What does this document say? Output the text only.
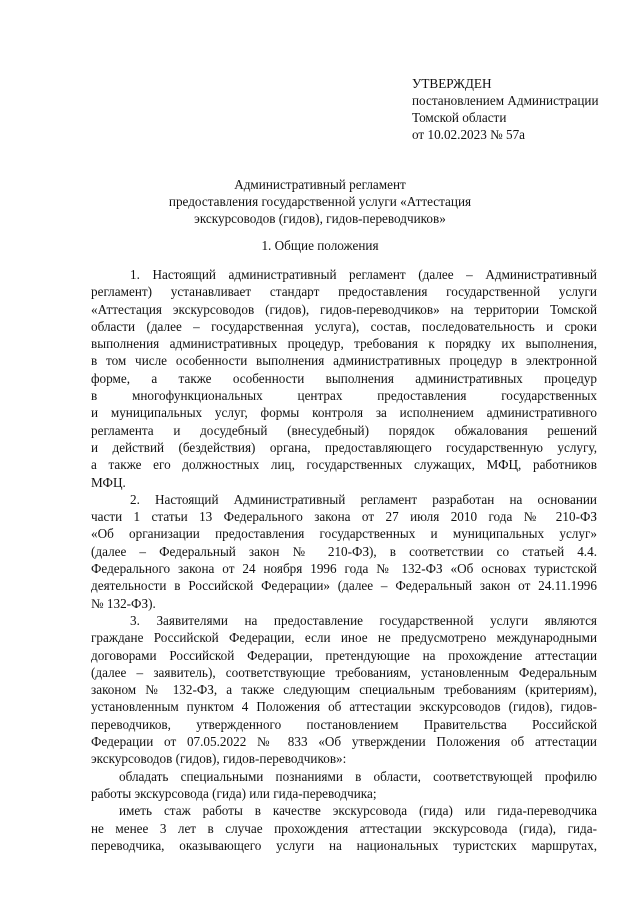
УТВЕРЖДЕН
постановлением Администрации
Томской области
от 10.02.2023 № 57а
Административный регламент
предоставления государственной услуги «Аттестация
экскурсоводов (гидов), гидов-переводчиков»
1. Общие положения
1. Настоящий административный регламент (далее – Административный
регламент) устанавливает стандарт предоставления государственной услуги
«Аттестация экскурсоводов (гидов), гидов-переводчиков» на территории Томской
области (далее – государственная услуга), состав, последовательность и сроки
выполнения административных процедур, требования к порядку их выполнения,
в том числе особенности выполнения административных процедур в электронной
форме, а также особенности выполнения административных процедур
в многофункциональных центрах предоставления государственных
и муниципальных услуг, формы контроля за исполнением административного
регламента и досудебный (внесудебный) порядок обжалования решений
и действий (бездействия) органа, предоставляющего государственную услугу,
а также его должностных лиц, государственных служащих, МФЦ, работников
МФЦ.
2. Настоящий Административный регламент разработан на основании
части 1 статьи 13 Федерального закона от 27 июля 2010 года № 210-ФЗ
«Об организации предоставления государственных и муниципальных услуг»
(далее – Федеральный закон № 210-ФЗ), в соответствии со статьей 4.4.
Федерального закона от 24 ноября 1996 года № 132-ФЗ «Об основах туристской
деятельности в Российской Федерации» (далее – Федеральный закон от 24.11.1996
№ 132-ФЗ).
3. Заявителями на предоставление государственной услуги являются
граждане Российской Федерации, если иное не предусмотрено международными
договорами Российской Федерации, претендующие на прохождение аттестации
(далее – заявитель), соответствующие требованиям, установленным Федеральным
законом № 132-ФЗ, а также следующим специальным требованиям (критериям),
установленным пунктом 4 Положения об аттестации экскурсоводов (гидов), гидов-
переводчиков, утвержденного постановлением Правительства Российской
Федерации от 07.05.2022 № 833 «Об утверждении Положения об аттестации
экскурсоводов (гидов), гидов-переводчиков»:
обладать специальными познаниями в области, соответствующей профилю
работы экскурсовода (гида) или гида-переводчика;
иметь стаж работы в качестве экскурсовода (гида) или гида-переводчика
не менее 3 лет в случае прохождения аттестации экскурсовода (гида), гида-
переводчика, оказывающего услуги на национальных туристских маршрутах,
